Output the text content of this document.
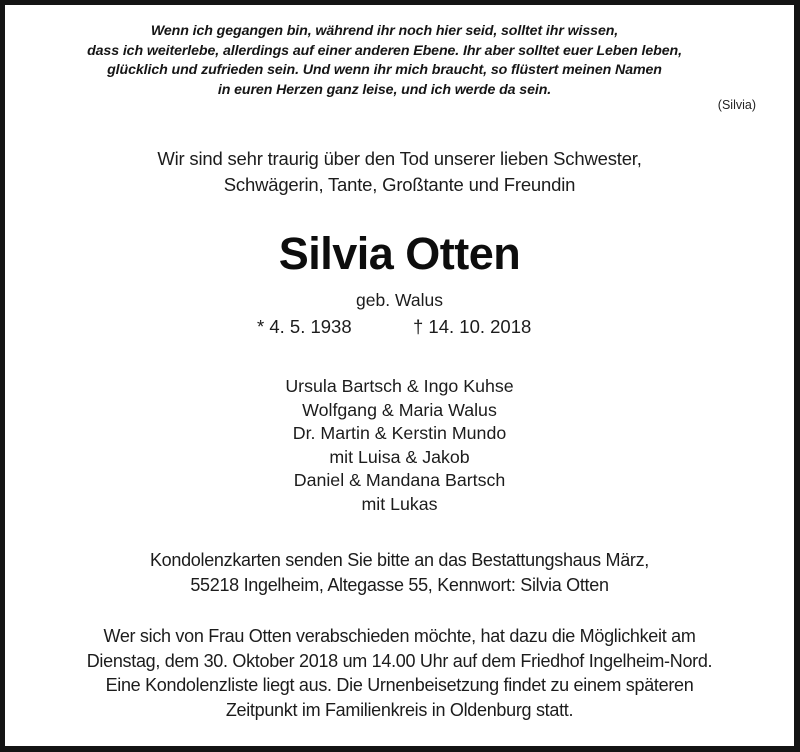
Wenn ich gegangen bin, während ihr noch hier seid, solltet ihr wissen,
dass ich weiterlebe, allerdings auf einer anderen Ebene. Ihr aber solltet euer Leben leben,
glücklich und zufrieden sein. Und wenn ihr mich braucht, so flüstert meinen Namen
in euren Herzen ganz leise, und ich werde da sein.
(Silvia)
Wir sind sehr traurig über den Tod unserer lieben Schwester,
Schwägerin, Tante, Großtante und Freundin
Silvia Otten
geb. Walus
* 4. 5. 1938	† 14. 10. 2018
Ursula Bartsch & Ingo Kuhse
Wolfgang & Maria Walus
Dr. Martin & Kerstin Mundo
mit Luisa & Jakob
Daniel & Mandana Bartsch
mit Lukas
Kondolenzkarten senden Sie bitte an das Bestattungshaus März,
55218 Ingelheim, Altegasse 55, Kennwort: Silvia Otten
Wer sich von Frau Otten verabschieden möchte, hat dazu die Möglichkeit am
Dienstag, dem 30. Oktober 2018 um 14.00 Uhr auf dem Friedhof Ingelheim-Nord.
Eine Kondolenzliste liegt aus. Die Urnenbeisetzung findet zu einem späteren
Zeitpunkt im Familienkreis in Oldenburg statt.
